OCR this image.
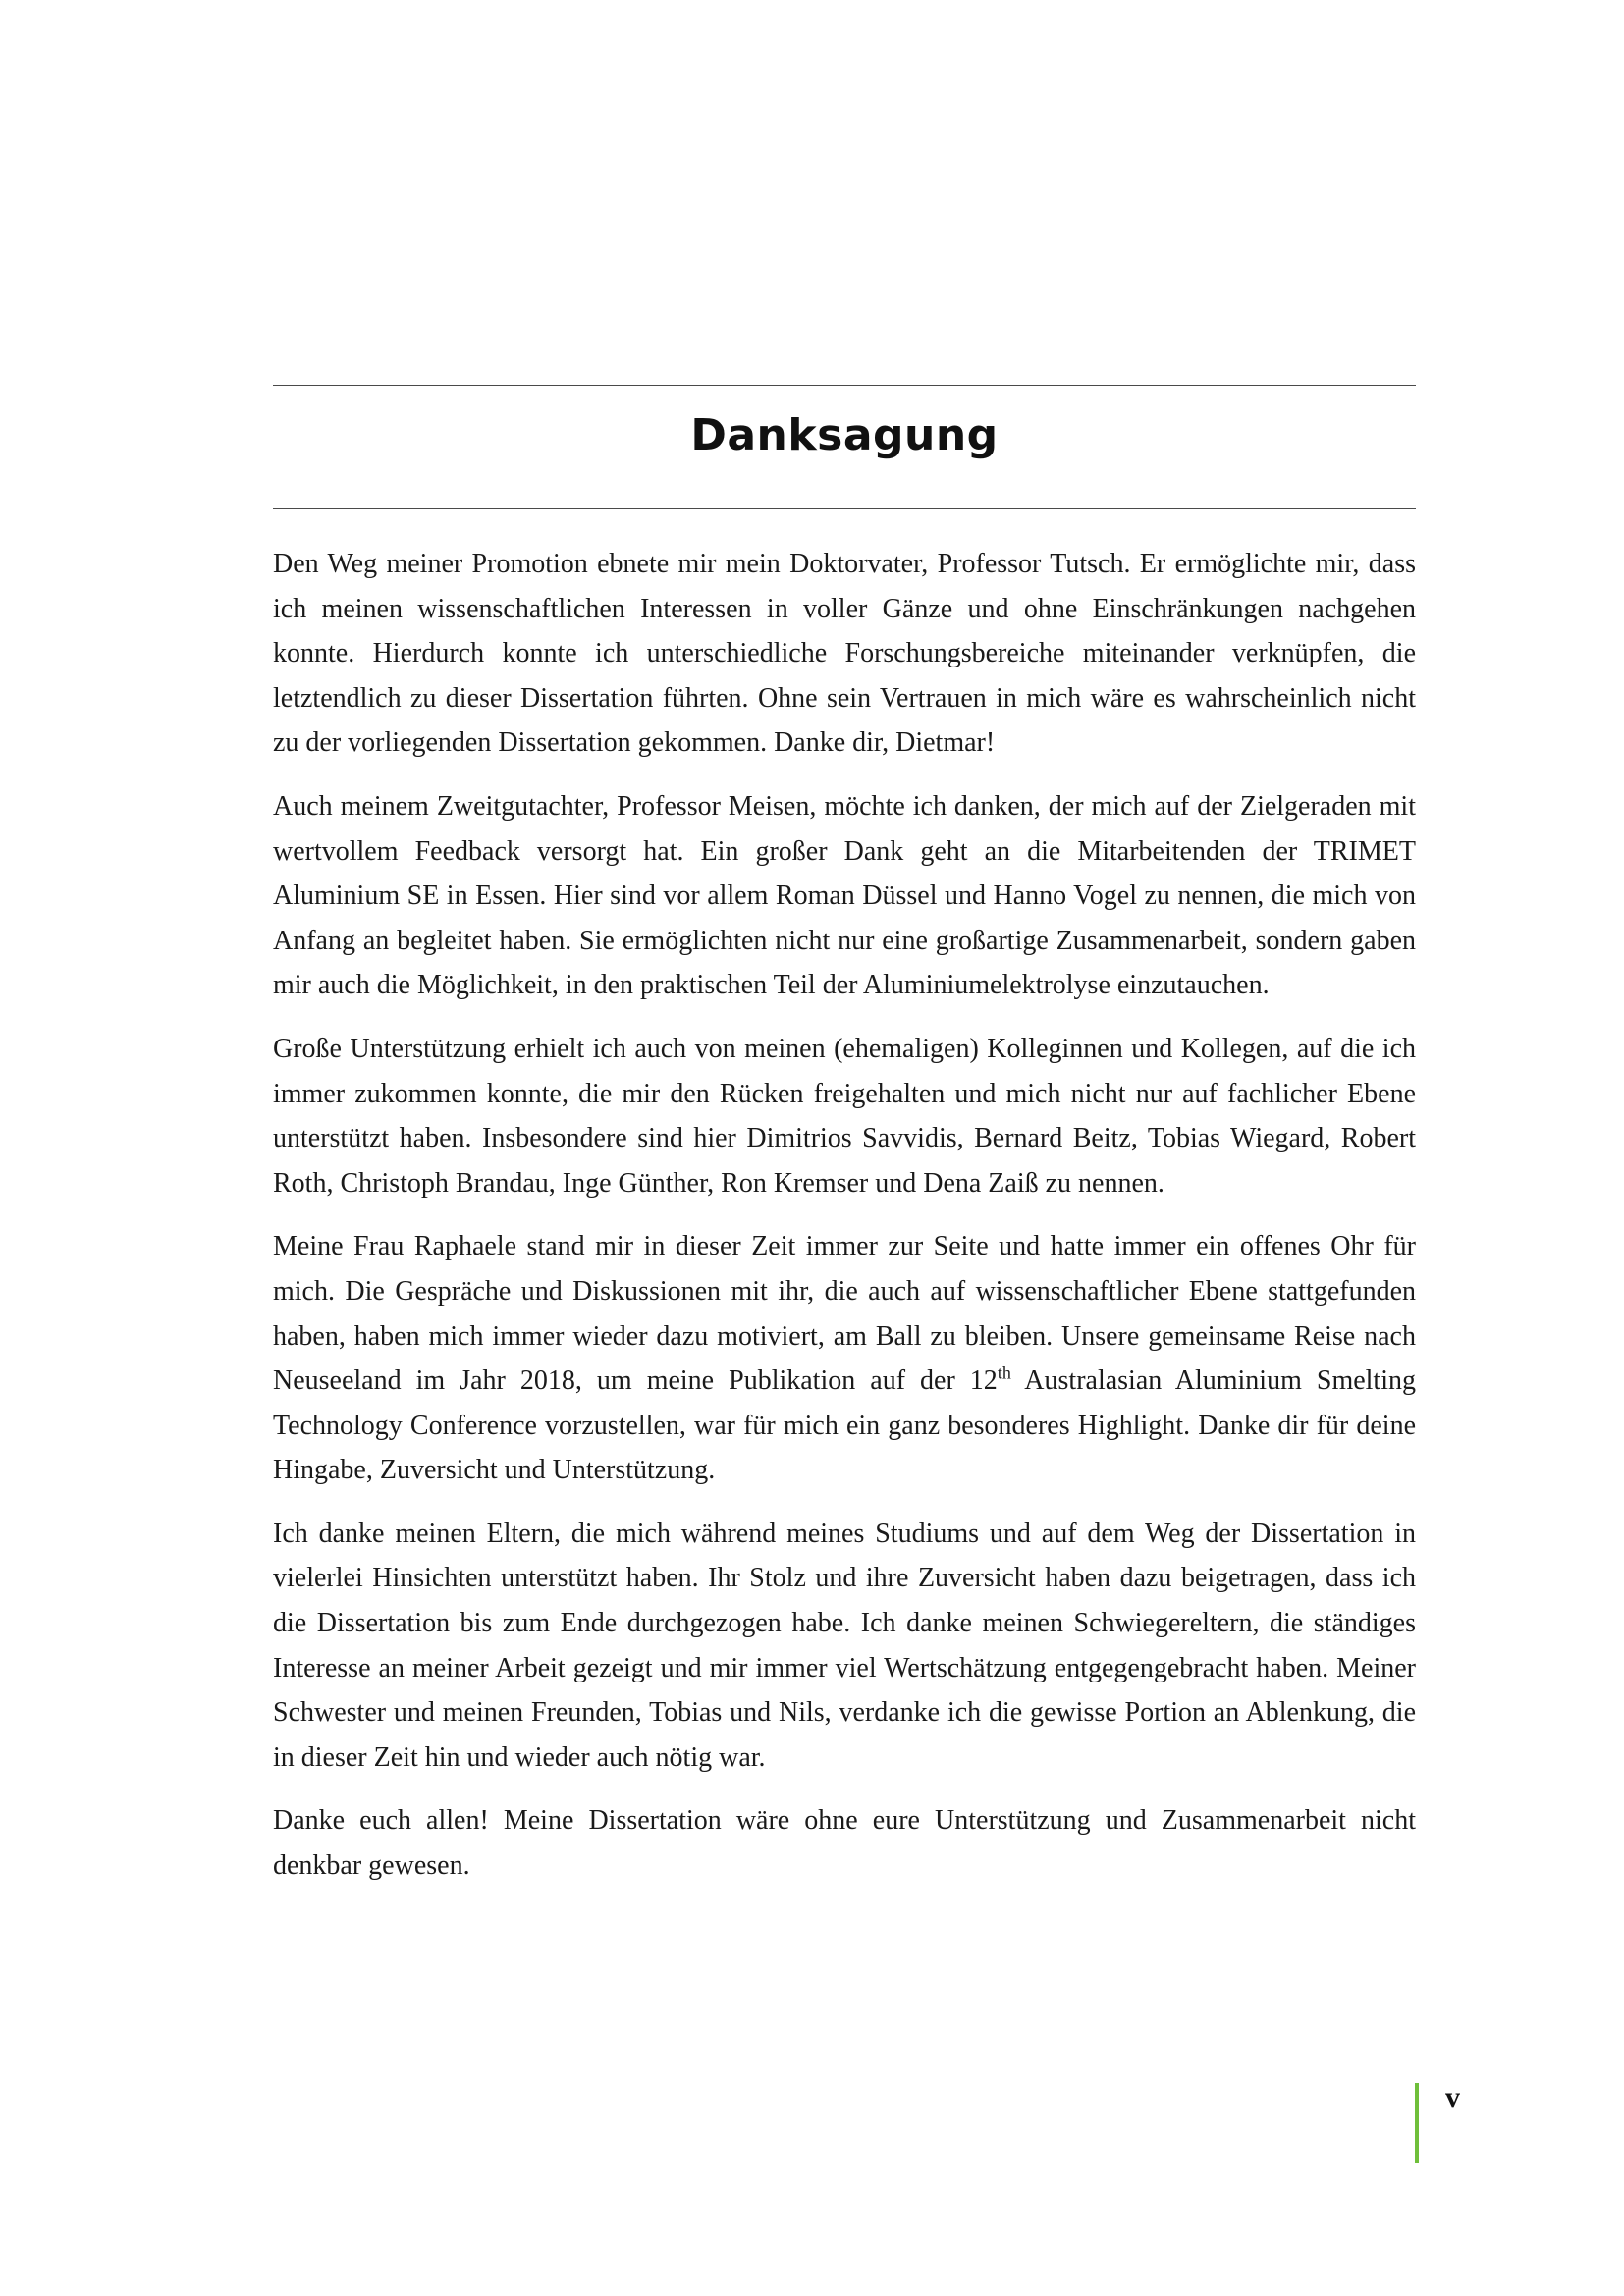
Danksagung

Den Weg meiner Promotion ebnete mir mein Doktorvater, Professor Tutsch. Er ermöglichte mir, dass ich meinen wissenschaftlichen Interessen in voller Gänze und ohne Einschränkungen nachgehen konnte. Hierdurch konnte ich unterschiedliche Forschungsbereiche miteinander verknüpfen, die letztendlich zu dieser Dissertation führten. Ohne sein Vertrauen in mich wäre es wahrscheinlich nicht zu der vorliegenden Dissertation gekommen. Danke dir, Dietmar!

Auch meinem Zweitgutachter, Professor Meisen, möchte ich danken, der mich auf der Zielgeraden mit wertvollem Feedback versorgt hat. Ein großer Dank geht an die Mitarbeitenden der TRIMET Aluminium SE in Essen. Hier sind vor allem Roman Düssel und Hanno Vogel zu nennen, die mich von Anfang an begleitet haben. Sie ermöglichten nicht nur eine großartige Zusammenarbeit, sondern gaben mir auch die Möglichkeit, in den praktischen Teil der Aluminiumelektrolyse einzutauchen.

Große Unterstützung erhielt ich auch von meinen (ehemaligen) Kolleginnen und Kollegen, auf die ich immer zukommen konnte, die mir den Rücken freigehalten und mich nicht nur auf fachlicher Ebene unterstützt haben. Insbesondere sind hier Dimitrios Savvidis, Bernard Beitz, Tobias Wiegard, Robert Roth, Christoph Brandau, Inge Günther, Ron Kremser und Dena Zaiß zu nennen.

Meine Frau Raphaele stand mir in dieser Zeit immer zur Seite und hatte immer ein offenes Ohr für mich. Die Gespräche und Diskussionen mit ihr, die auch auf wissenschaftlicher Ebene stattgefunden haben, haben mich immer wieder dazu motiviert, am Ball zu bleiben. Unsere gemeinsame Reise nach Neuseeland im Jahr 2018, um meine Publikation auf der 12th Australasian Aluminium Smelting Technology Conference vorzustellen, war für mich ein ganz besonderes Highlight. Danke dir für deine Hingabe, Zuversicht und Unterstützung.

Ich danke meinen Eltern, die mich während meines Studiums und auf dem Weg der Dissertation in vielerlei Hinsichten unterstützt haben. Ihr Stolz und ihre Zuversicht haben dazu beigetragen, dass ich die Dissertation bis zum Ende durchgezogen habe. Ich danke meinen Schwiegereltern, die ständiges Interesse an meiner Arbeit gezeigt und mir immer viel Wertschätzung entgegengebracht haben. Meiner Schwester und meinen Freunden, Tobias und Nils, verdanke ich die gewisse Portion an Ablenkung, die in dieser Zeit hin und wieder auch nötig war.

Danke euch allen! Meine Dissertation wäre ohne eure Unterstützung und Zusammenarbeit nicht denkbar gewesen.

v
